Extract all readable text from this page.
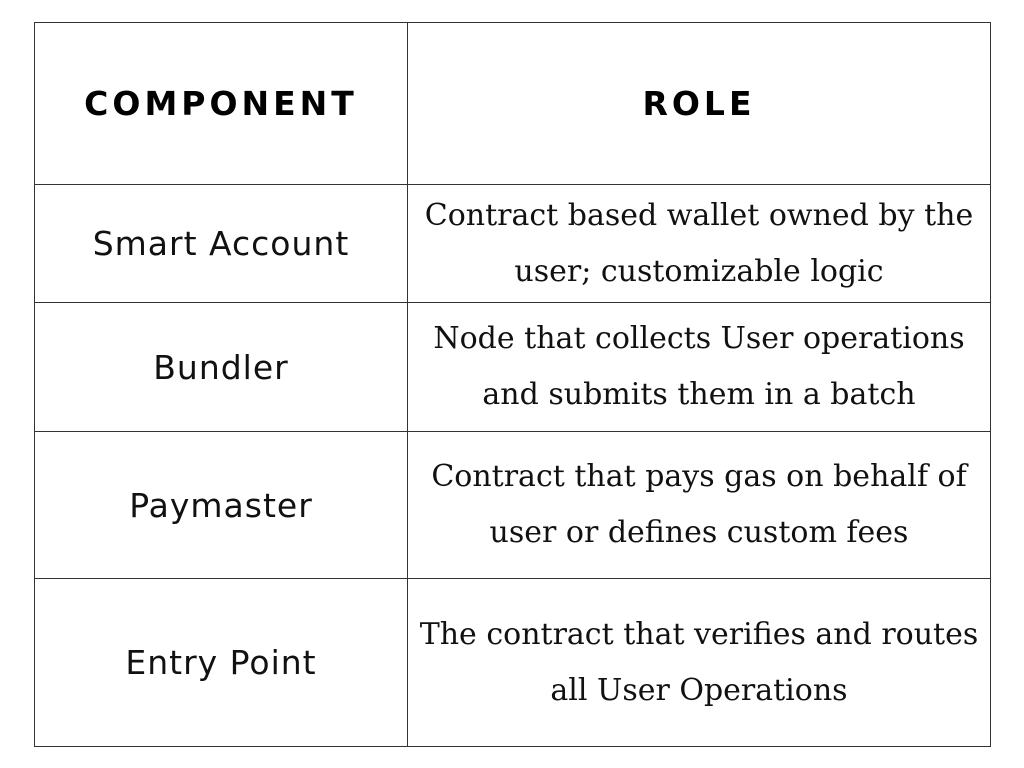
COMPONENT	ROLE
Smart Account	Contract based wallet owned by the user; customizable logic
Bundler	Node that collects User operations and submits them in a batch
Paymaster	Contract that pays gas on behalf of user or defines custom fees
Entry Point	The contract that verifies and routes all User Operations
